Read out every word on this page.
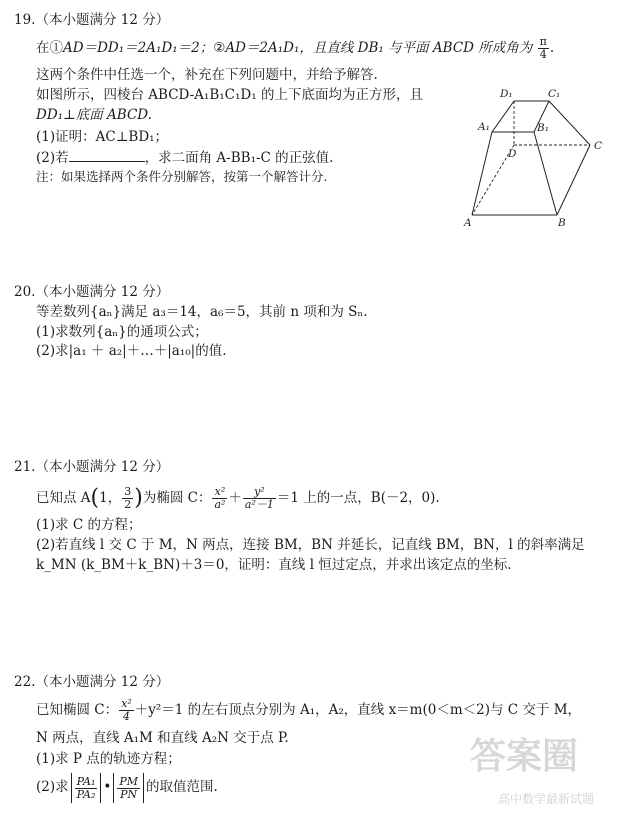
19.（本小题满分 12 分）
在①AD＝DD₁＝2A₁D₁＝2；②AD＝2A₁D₁，且直线 DB₁ 与平面 ABCD 所成角为 $\frac{\pi}{4}$ .
这两个条件中任选一个，补充在下列问题中，并给予解答.
如图所示，四棱台 ABCD-A₁B₁C₁D₁ 的上下底面均为正方形，且
DD₁⊥底面 ABCD.
(1)证明：AC⊥BD₁；
(2)若	，求二面角 A-BB₁-C 的正弦值.
注：如果选择两个条件分别解答，按第一个解答计分.
D₁	C₁
A₁	B₁
D
C
A	B
20.（本小题满分 12 分）
等差数列{aₙ}满足 a₃＝14，a₆＝5，其前 n 项和为 Sₙ.
(1)求数列{aₙ}的通项公式；
(2)求|a₁ ＋ a₂|＋…＋|a₁₀|的值.
21.（本小题满分 12 分）
已知点 A(1， $\frac{3}{2}$ )为椭圆 C： $\frac{\text{x²}}{\text{a²}} + \frac{\text{y²}}{\text{a²－1}} =1$ 上的一点，B(－2，0).
(1)求 C 的方程；
(2)若直线 l 交 C 于 M，N 两点，连接 BM，BN 并延长，记直线 BM，BN，l 的斜率满足
k_MN (k_BM＋k_BN)＋3＝0，证明：直线 l 恒过定点，并求出该定点的坐标.
22.（本小题满分 12 分）
已知椭圆 C： $\frac{\text{x²}}{4} +y^2=1$ 的左右顶点分别为 A₁，A₂，直线 x＝m(0＜m＜2)与 C 交于 M，
N 两点，直线 A₁M 和直线 A₂N 交于点 P.
(1)求 P 点的轨迹方程；
(2)求 $\frac{\text{PA₁}}{\text{PA₂}}$ • $\frac{PM}{PN}$ 的取值范围.
答案圈
高中数学最新试题
